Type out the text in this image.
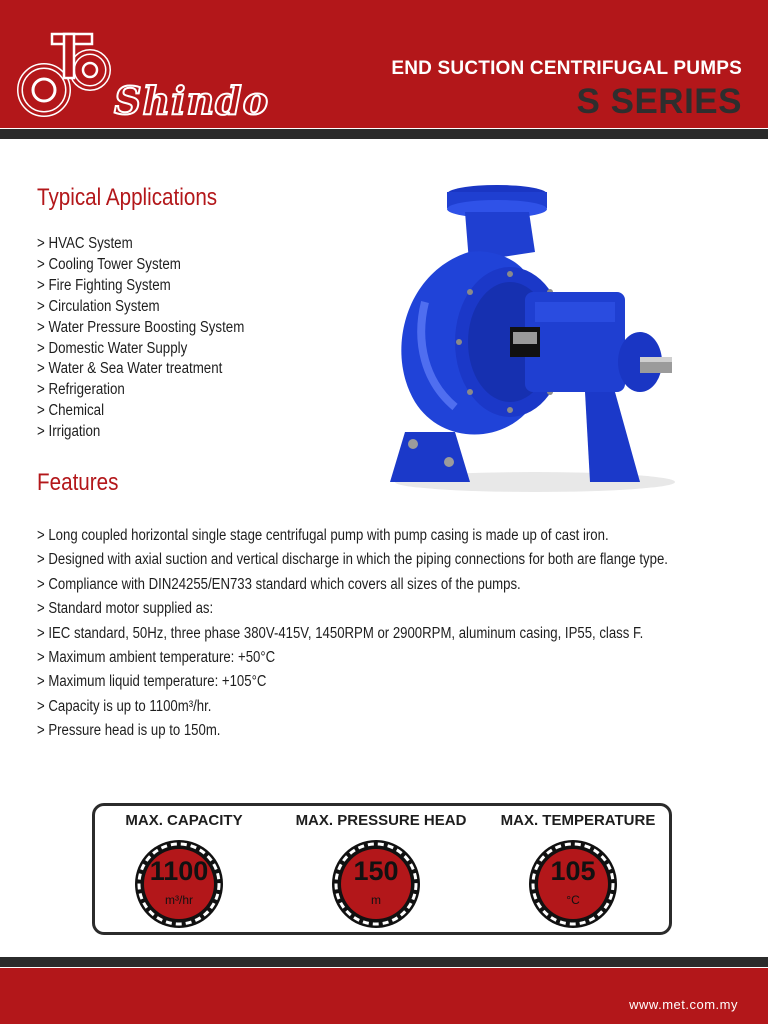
Shindo
END SUCTION CENTRIFUGAL PUMPS
S SERIES
Typical Applications
> HVAC System
> Cooling Tower System
> Fire Fighting System
> Circulation System
> Water Pressure Boosting System
> Domestic Water Supply
> Water & Sea Water treatment
> Refrigeration
> Chemical
> Irrigation
Features
> Long coupled horizontal single stage centrifugal pump with pump casing is made up of cast iron.
> Designed with axial suction and vertical discharge in which the piping connections for both are flange type.
> Compliance with DIN24255/EN733 standard which covers all sizes of the pumps.
> Standard motor supplied as:
> IEC standard, 50Hz, three phase 380V-415V, 1450RPM or 2900RPM, aluminum casing, IP55, class F.
> Maximum ambient temperature: +50°C
> Maximum liquid temperature: +105°C
> Capacity is up to 1100m³/hr.
> Pressure head is up to 150m.
MAX. CAPACITY
1100
m³/hr
MAX. PRESSURE HEAD
150
m
MAX. TEMPERATURE
105
°C
www.met.com.my
